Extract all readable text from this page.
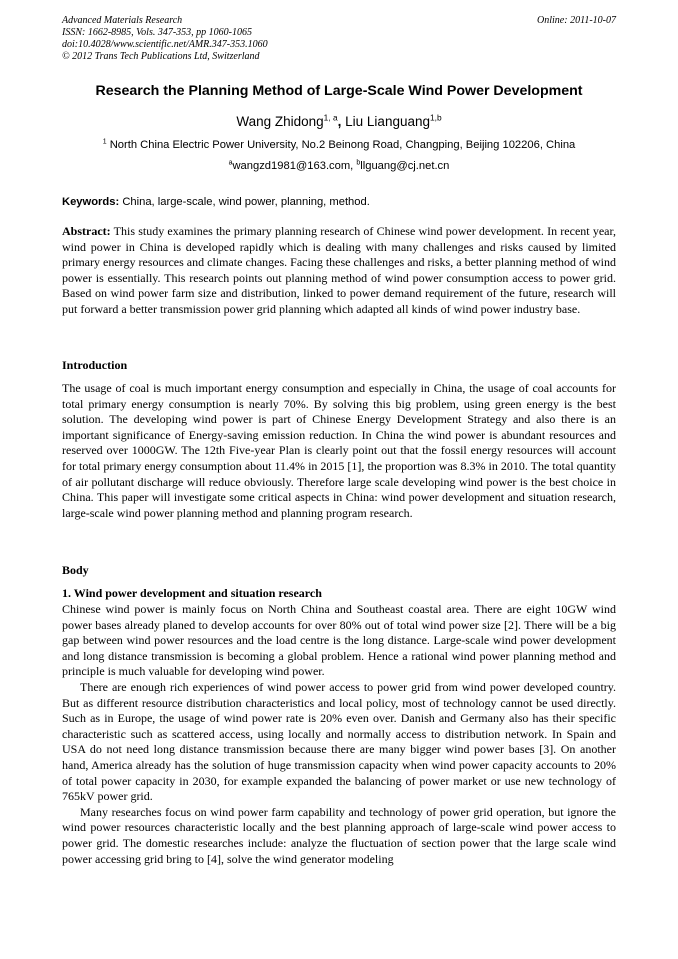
Advanced Materials Research
ISSN: 1662-8985, Vols. 347-353, pp 1060-1065
doi:10.4028/www.scientific.net/AMR.347-353.1060
© 2012 Trans Tech Publications Ltd, Switzerland
Online: 2011-10-07
Research the Planning Method of Large-Scale Wind Power Development
Wang Zhidong$^{1, a}$, Liu Lianguang$^{1,b}$
$^1$ North China Electric Power University, No.2 Beinong Road, Changping, Beijing 102206, China
$^a$wangzd1981@163.com, $^b$llguang@cj.net.cn
Keywords: China, large-scale, wind power, planning, method.

Abstract: This study examines the primary planning research of Chinese wind power development. In recent year, wind power in China is developed rapidly which is dealing with many challenges and risks caused by limited primary energy resources and climate changes. Facing these challenges and risks, a better planning method of wind power is essentially. This research points out planning method of wind power consumption access to power grid. Based on wind power farm size and distribution, linked to power demand requirement of the future, research will put forward a better transmission power grid planning which adapted all kinds of wind power industry base.

Introduction
The usage of coal is much important energy consumption and especially in China, the usage of coal accounts for total primary energy consumption is nearly 70%. By solving this big problem, using green energy is the best solution. The developing wind power is part of Chinese Energy Development Strategy and also there is an important significance of Energy-saving emission reduction. In China the wind power is abundant resources and reserved over 1000GW. The 12th Five-year Plan is clearly point out that the fossil energy resources will account for total primary energy consumption about 11.4% in 2015 [1], the proportion was 8.3% in 2010. The total quantity of air pollutant discharge will reduce obviously. Therefore large scale developing wind power is the best choice in China. This paper will investigate some critical aspects in China: wind power development and situation research, large-scale wind power planning method and planning program research.
Body
1. Wind power development and situation research

Chinese wind power is mainly focus on North China and Southeast coastal area. There are eight 10GW wind power bases already planed to develop accounts for over 80% out of total wind power size [2]. There will be a big gap between wind power resources and the load centre is the long distance. Large-scale wind power development and long distance transmission is becoming a global problem. Hence a rational wind power planning method and principle is much valuable for developing wind power.

There are enough rich experiences of wind power access to power grid from wind power developed country. But as different resource distribution characteristics and local policy, most of technology cannot be used directly. Such as in Europe, the usage of wind power rate is 20% even over. Danish and Germany also has their specific characteristic such as scattered access, using locally and normally access to distribution network. In Spain and USA do not need long distance transmission because there are many bigger wind power bases [3]. On another hand, America already has the solution of huge transmission capacity when wind power capacity accounts to 20% of total power capacity in 2030, for example expanded the balancing of power market or use new technology of 765kV power grid.

Many researches focus on wind power farm capability and technology of power grid operation, but ignore the wind power resources characteristic locally and the best planning approach of large-scale wind power access to power grid. The domestic researches include: analyze the fluctuation of section power that the large scale wind power accessing grid bring to [4], solve the wind generator modeling
